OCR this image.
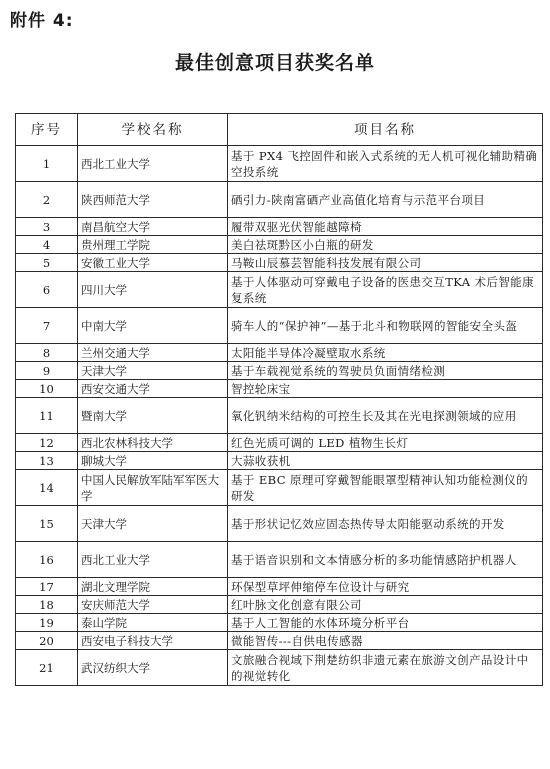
附件 4:
最佳创意项目获奖名单
序号	学校名称	项目名称
1	西北工业大学	基于 PX4 飞控固件和嵌入式系统的无人机可视化辅助精确空投系统
2	陕西师范大学	硒引力-陕南富硒产业高值化培育与示范平台项目
3	南昌航空大学	履带双驱光伏智能越障椅
4	贵州理工学院	美白祛斑黔区小白瓶的研发
5	安徽工业大学	马鞍山辰慕芸智能科技发展有限公司
6	四川大学	基于人体驱动可穿戴电子设备的医患交互TKA 术后智能康复系统
7	中南大学	骑车人的“保护神”—基于北斗和物联网的智能安全头盔
8	兰州交通大学	太阳能半导体冷凝壁取水系统
9	天津大学	基于车载视觉系统的驾驶员负面情绪检测
10	西安交通大学	智控轮床宝
11	暨南大学	氧化钒纳米结构的可控生长及其在光电探测领域的应用
12	西北农林科技大学	红色光质可调的 LED 植物生长灯
13	聊城大学	大蒜收获机
14	中国人民解放军陆军军医大学	基于 EBC 原理可穿戴智能眼罩型精神认知功能检测仪的研发
15	天津大学	基于形状记忆效应固态热传导太阳能驱动系统的开发
16	西北工业大学	基于语音识别和文本情感分析的多功能情感陪护机器人
17	湖北文理学院	环保型草坪伸缩停车位设计与研究
18	安庆师范大学	红叶脉文化创意有限公司
19	泰山学院	基于人工智能的水体环境分析平台
20	西安电子科技大学	微能智传---自供电传感器
21	武汉纺织大学	文旅融合视域下荆楚纺织非遗元素在旅游文创产品设计中的视觉转化
